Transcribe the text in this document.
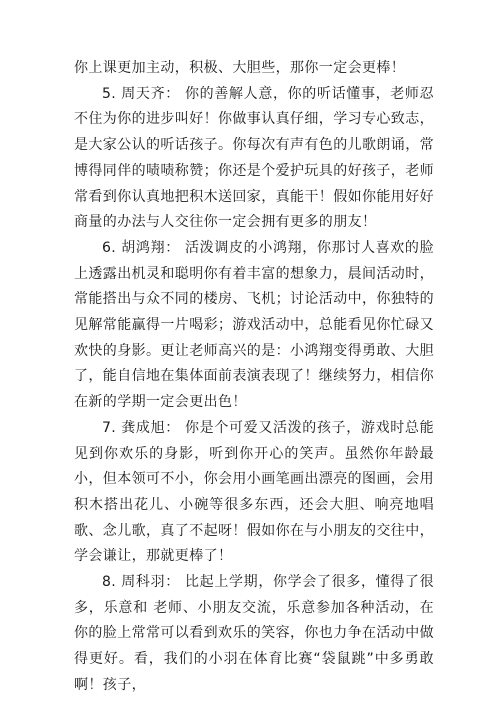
你上课更加主动，积极、大胆些，那你一定会更棒！

5. 周天齐： 你的善解人意，你的听话懂事，老师忍不住为你的进步叫好！你做事认真仔细，学习专心致志，是大家公认的听话孩子。你每次有声有色的儿歌朗诵，常博得同伴的啧啧称赞；你还是个爱护玩具的好孩子，老师常看到你认真地把积木送回家，真能干！假如你能用好好商量的办法与人交往你一定会拥有更多的朋友！

6. 胡鸿翔： 活泼调皮的小鸿翔，你那讨人喜欢的脸上透露出机灵和聪明你有着丰富的想象力，晨间活动时，常能搭出与众不同的楼房、飞机；讨论活动中，你独特的见解常能赢得一片喝彩；游戏活动中，总能看见你忙碌又欢快的身影。更让老师高兴的是：小鸿翔变得勇敢、大胆了，能自信地在集体面前表演表现了！继续努力，相信你在新的学期一定会更出色！

7. 龚成旭： 你是个可爱又活泼的孩子，游戏时总能见到你欢乐的身影，听到你开心的笑声。虽然你年龄最小，但本领可不小，你会用小画笔画出漂亮的图画，会用积木搭出花儿、小碗等很多东西，还会大胆、响亮地唱歌、念儿歌，真了不起呀！假如你在与小朋友的交往中，学会谦让，那就更棒了！

8. 周科羽： 比起上学期，你学会了很多，懂得了很多，乐意和 老师、小朋友交流，乐意参加各种活动，在你的脸上常常可以看到欢乐的笑容，你也力争在活动中做得更好。看，我们的小羽在体育比赛“袋鼠跳”中多勇敢啊！孩子，
